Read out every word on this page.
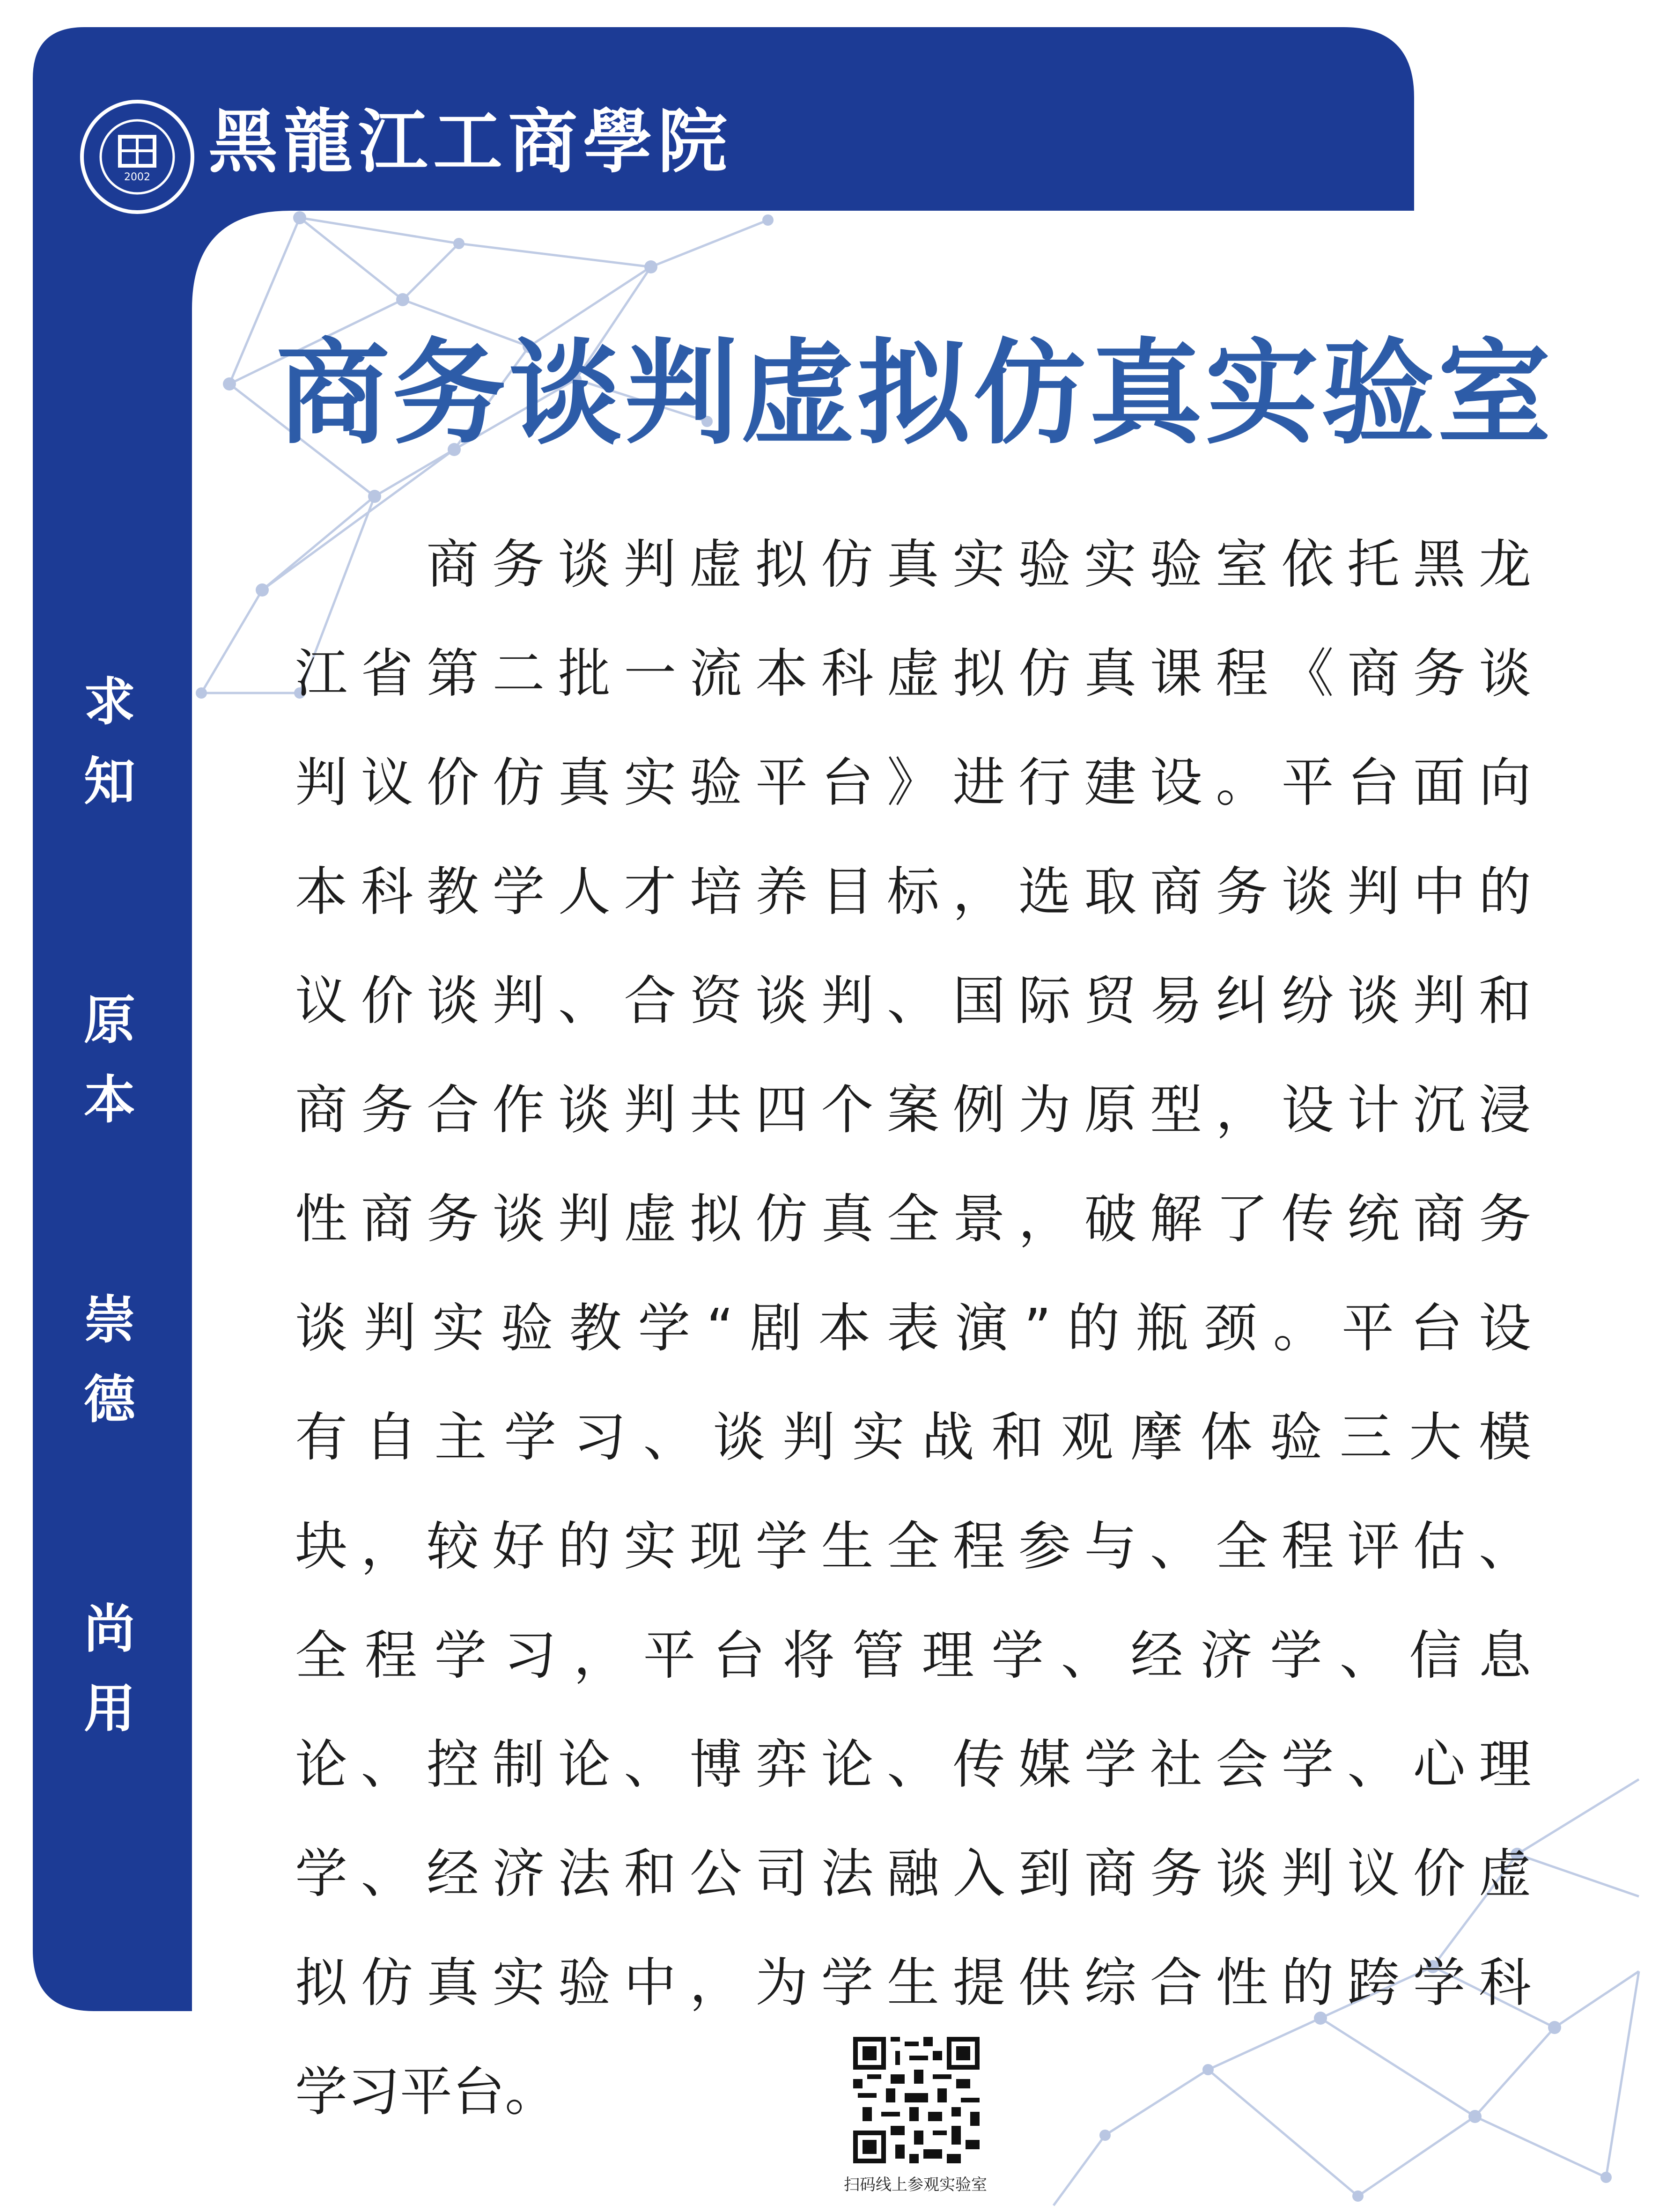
2002 黑龍江工商學院
求知
原本
崇德
尚用
商务谈判虚拟仿真实验室
商务谈判虚拟仿真实验实验室依托黑龙
江省第二批一流本科虚拟仿真课程《商务谈
判议价仿真实验平台》进行建设。平台面向
本科教学人才培养目标，选取商务谈判中的
议价谈判、合资谈判、国际贸易纠纷谈判和
商务合作谈判共四个案例为原型，设计沉浸
性商务谈判虚拟仿真全景，破解了传统商务
谈判实验教学“剧本表演”的瓶颈。平台设
有自主学习、谈判实战和观摩体验三大模
块，较好的实现学生全程参与、全程评估、
全程学习，平台将管理学、经济学、信息
论、控制论、博弈论、传媒学社会学、心理
学、经济法和公司法融入到商务谈判议价虚
拟仿真实验中，为学生提供综合性的跨学科
学习平台。
扫码线上参观实验室
